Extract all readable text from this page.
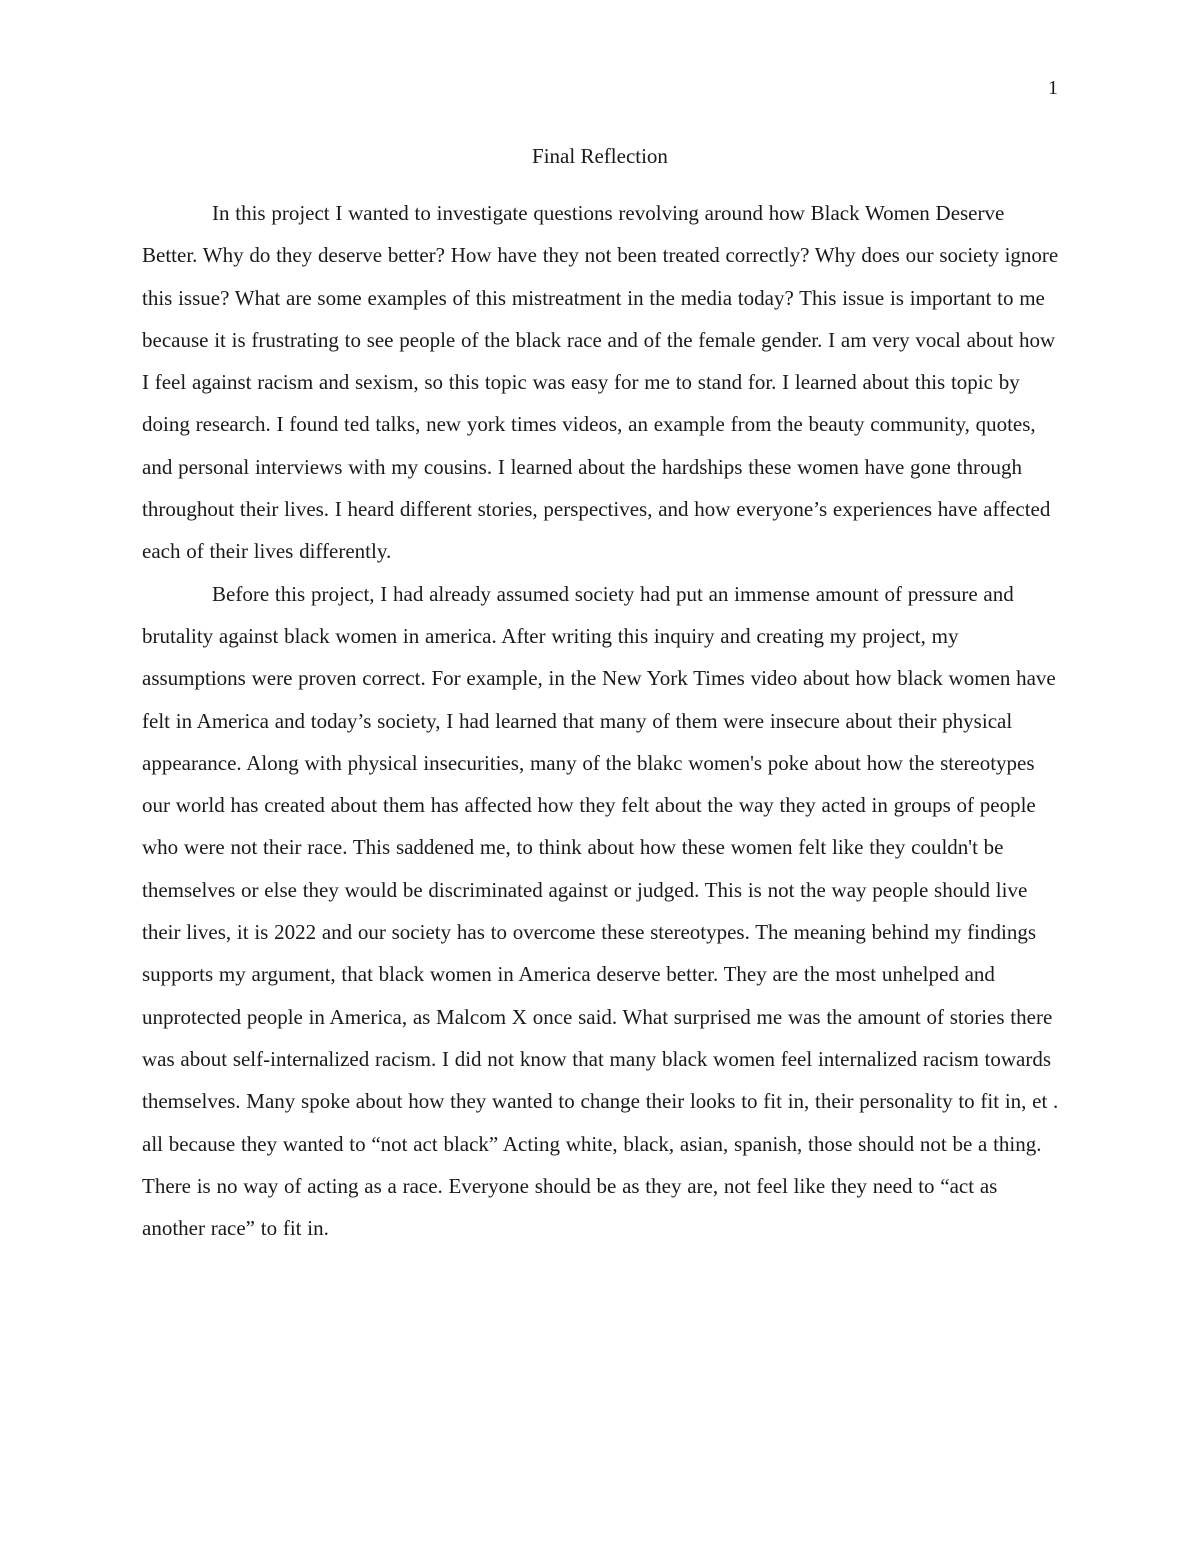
1
Final Reflection

In this project I wanted to investigate questions revolving around how Black Women Deserve Better. Why do they deserve better? How have they not been treated correctly? Why does our society ignore this issue? What are some examples of this mistreatment in the media today? This issue is important to me because it is frustrating to see people of the black race and of the female gender. I am very vocal about how I feel against racism and sexism, so this topic was easy for me to stand for. I learned about this topic by doing research. I found ted talks, new york times videos, an example from the beauty community, quotes, and personal interviews with my cousins. I learned about the hardships these women have gone through throughout their lives. I heard different stories, perspectives, and how everyone’s experiences have affected each of their lives differently.

Before this project, I had already assumed society had put an immense amount of pressure and brutality against black women in america. After writing this inquiry and creating my project, my assumptions were proven correct. For example, in the New York Times video about how black women have felt in America and today’s society, I had learned that many of them were insecure about their physical appearance. Along with physical insecurities, many of the blakc women's poke about how the stereotypes our world has created about them has affected how they felt about the way they acted in groups of people who were not their race. This saddened me, to think about how these women felt like they couldn't be themselves or else they would be discriminated against or judged. This is not the way people should live their lives, it is 2022 and our society has to overcome these stereotypes. The meaning behind my findings supports my argument, that black women in America deserve better. They are the most unhelped and unprotected people in America, as Malcom X once said. What surprised me was the amount of stories there was about self-internalized racism. I did not know that many black women feel internalized racism towards themselves. Many spoke about how they wanted to change their looks to fit in, their personality to fit in, et . all because they wanted to “not act black” Acting white, black, asian, spanish, those should not be a thing. There is no way of acting as a race. Everyone should be as they are, not feel like they need to “act as another race” to fit in.
